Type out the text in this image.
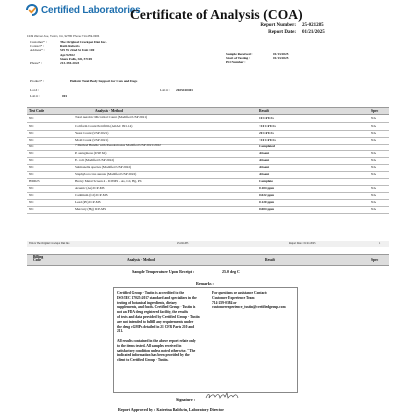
Certified Laboratories
Certificate of Analysis (COA)
Report Number: 25-021285
Report Date: 01/21/2025
1349 Warner Ave, Tustin, CA, 92780 Phone:714-259-0384
Customer* :	The Original Crockpot Diet Inc.
Contact* :	Ruth Roberts
Address* :	519 W 22nd St Unit 100
Apt 92922
Sioux Falls, SD, 57105
Phone* :	213-394-2023
Sample Received :	01/13/2025
Start of Testing :	01/13/2025
PO Number :
Product* :	Holistic Total Body Support for Cats and Dogs
Lot # :	Lab # : 2025410401
Lab # :	001
Test Code	Analysis - Method	Result	Spec
NC	Total Aerobic Microbial Count (Modified USP 2021)	10 CFU/G	NA
NC	Coliform Count Petrifilm (AOAC 991.14)	<10 CFU/G	NA
NC	Yeast Count (USP 2021)	20 CFU/G	NA
NC	Mold Count (USP 2021)	<10 CFU/G	NA
NC	7 Method Bundle with Pseudomonas Modified USP 2021/2022	Completed
NC	P. aeruginosa (USP 62)	Absent	NA
NC	E. coli (Modified USP 2022)	Absent	NA
NC	Salmonella species (Modified USP 2022)	Absent	NA
NC	Staphylococcus aureus (Modified USP 2022)	Absent	NA
HM025	Heavy Metal Screen 4 - ICPMS - As, Cd, Hg, Pb	Complete
NC	Arsenic (As) ICP-MS	0.104 ppm	NA
NC	Cadmium (Cd) ICP-MS	0.022 ppm	NA
NC	Lead (Pb) ICP-MS	0.120 ppm	NA
NC	Mercury (Hg) ICP-MS	0.004 ppm	NA
This is The Original Crockpot Diet Inc.	25-021285	Report Date : 01/21/2025	1
Billing Code	Analysis - Method	Result	Spec
Sample Temperature Upon Receipt :	25.0 deg C
Remarks :
Certified Group - Tustin is accredited to the
ISO/IEC 17025:2017 standard and specializes in the
testing of botanical ingredients, dietary
supplements, and foods. Certified Group - Tustin is
not an FDA drug registered facility, the results
of tests and data provided by Certified Group - Tustin
are not intended to fulfill any requirements under
the drug cGMPs detailed in 21 CFR Parts 210 and
211.
All results contained in the above report relate only
to the items tested. All samples received in
satisfactory condition unless noted otherwise. "The
indicated information has been provided by the
client to Certified Group - Tustin.
For questions or assistance Contact:
Customer Experience Team
714-259-0384 or
customerexperience_tustin@certifiedgroup.com
Signature :
Report Approved by : Katerina Baldwin, Laboratory Director
